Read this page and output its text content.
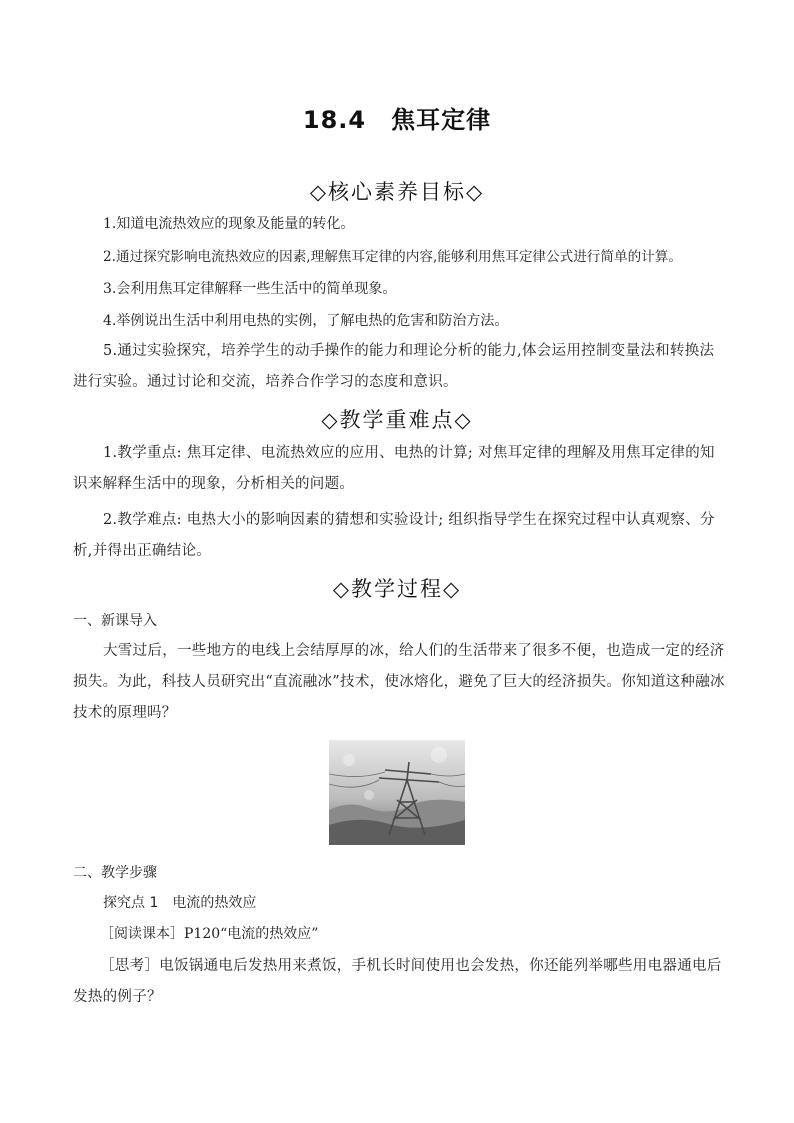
18.4　焦耳定律
◇核心素养目标◇
1.知道电流热效应的现象及能量的转化。
2.通过探究影响电流热效应的因素,理解焦耳定律的内容,能够利用焦耳定律公式进行简单的计算。
3.会利用焦耳定律解释一些生活中的简单现象。
4.举例说出生活中利用电热的实例，了解电热的危害和防治方法。
5.通过实验探究，培养学生的动手操作的能力和理论分析的能力,体会运用控制变量法和转换法进行实验。通过讨论和交流，培养合作学习的态度和意识。
◇教学重难点◇
1.教学重点: 焦耳定律、电流热效应的应用、电热的计算; 对焦耳定律的理解及用焦耳定律的知识来解释生活中的现象，分析相关的问题。
2.教学难点: 电热大小的影响因素的猜想和实验设计; 组织指导学生在探究过程中认真观察、分析,并得出正确结论。
◇教学过程◇
一、新课导入
大雪过后，一些地方的电线上会结厚厚的冰，给人们的生活带来了很多不便，也造成一定的经济损失。为此，科技人员研究出“直流融冰”技术，使冰熔化，避免了巨大的经济损失。你知道这种融冰技术的原理吗？
二、教学步骤
探究点 1　电流的热效应
［阅读课本］P120“电流的热效应”
［思考］电饭锅通电后发热用来煮饭，手机长时间使用也会发热，你还能列举哪些用电器通电后发热的例子？
